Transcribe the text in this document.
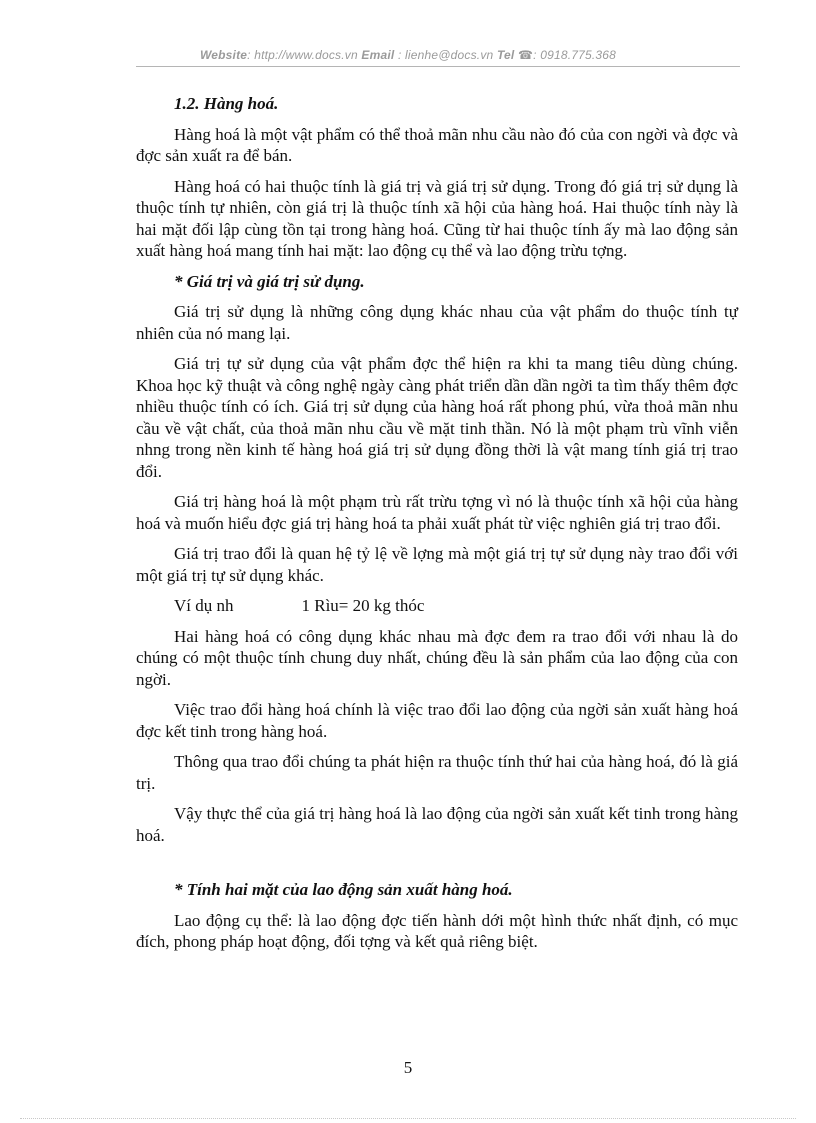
Website: http://www.docs.vn Email : lienhe@docs.vn Tel ☎: 0918.775.368

1.2. Hàng hoá.

Hàng hoá là một vật phẩm có thể thoả mãn nhu cầu nào đó của con ngời và đợc và đợc sản xuất ra để bán.

Hàng hoá có hai thuộc tính là giá trị và giá trị sử dụng. Trong đó giá trị sử dụng là thuộc tính tự nhiên, còn giá trị là thuộc tính xã hội của hàng hoá. Hai thuộc tính này là hai mặt đối lập cùng tồn tại trong hàng hoá. Cũng từ hai thuộc tính ấy mà lao động sản xuất hàng hoá mang tính hai mặt: lao động cụ thể và lao động trừu tợng.

* Giá trị và giá trị sử dụng.

Giá trị sử dụng là những công dụng khác nhau của vật phẩm do thuộc tính tự nhiên của nó mang lại.

Giá trị tự sử dụng của vật phẩm đợc thể hiện ra khi ta mang tiêu dùng chúng. Khoa học kỹ thuật và công nghệ ngày càng phát triển dần dần ngời ta tìm thấy thêm đợc nhiều thuộc tính có ích. Giá trị sử dụng của hàng hoá rất phong phú, vừa thoả mãn nhu cầu về vật chất, của thoả mãn nhu cầu về mặt tinh thần. Nó là một phạm trù vĩnh viễn nhng trong nền kinh tế hàng hoá giá trị sử dụng đồng thời là vật mang tính giá trị trao đổi.

Giá trị hàng hoá là một phạm trù rất trừu tợng vì nó là thuộc tính xã hội của hàng hoá và muốn hiểu đợc giá trị hàng hoá ta phải xuất phát từ việc nghiên giá trị trao đổi.

Giá trị trao đổi là quan hệ tỷ lệ về lợng mà một giá trị tự sử dụng này trao đổi với một giá trị tự sử dụng khác.

Ví dụ nh                1 Rìu= 20 kg thóc

Hai hàng hoá có công dụng khác nhau mà đợc đem ra trao đổi với nhau là do chúng có một thuộc tính chung duy nhất, chúng đều là sản phẩm của lao động của con ngời.

Việc trao đổi hàng hoá chính là việc trao đổi lao động của ngời sản xuất hàng hoá đợc kết tinh trong hàng hoá.

Thông qua trao đổi chúng ta phát hiện ra thuộc tính thứ hai của hàng hoá, đó là giá trị.

Vậy thực thể của giá trị hàng hoá là lao động của ngời sản xuất kết tinh trong hàng hoá.

* Tính hai mặt của lao động sản xuất hàng hoá.

Lao động cụ thể: là lao động đợc tiến hành dới một hình thức nhất định, có mục đích, phong pháp hoạt động, đối tợng và kết quả riêng biệt.

5
